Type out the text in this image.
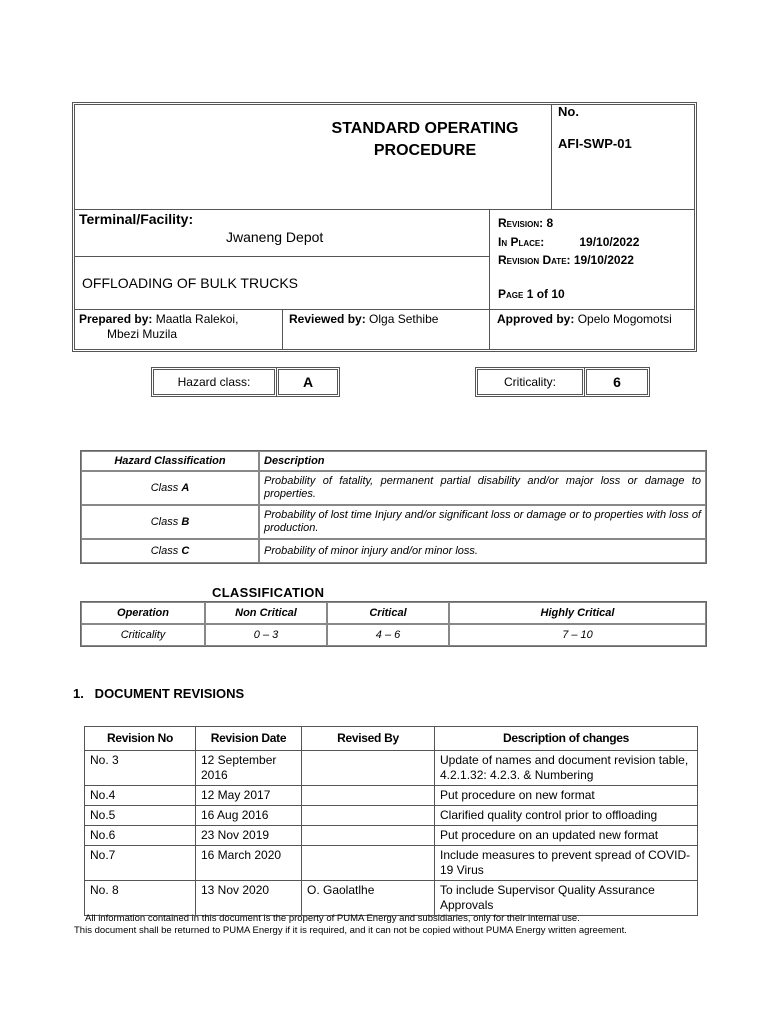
STANDARD OPERATING
PROCEDURE
No.
AFI-SWP-01
Terminal/Facility:
Jwaneng Depot
OFFLOADING OF BULK TRUCKS
Revision: 8
In Place:	19/10/2022
Revision Date: 19/10/2022
Page 1 of 10
Prepared by: Maatla Ralekoi,
Mbezi Muzila
Reviewed by: Olga Sethibe	Approved by: Opelo Mogomotsi
Hazard class:	A	Criticality:	6
Hazard Classification	Description
Class A	Probability of fatality, permanent partial disability and/or major loss or damage to properties.
Class B	Probability of lost time Injury and/or significant loss or damage or to properties with loss of production.
Class C	Probability of minor injury and/or minor loss.
CLASSIFICATION
Operation	Non Critical	Critical	Highly Critical
Criticality	0 – 3	4 – 6	7 – 10
1.   DOCUMENT REVISIONS
Revision No	Revision Date	Revised By	Description of changes
No. 3	12 September 2016		Update of names and document revision table, 4.2.1.32: 4.2.3. & Numbering
No.4	12 May 2017		Put procedure on new format
No.5	16 Aug 2016		Clarified quality control prior to offloading
No.6	23 Nov 2019		Put procedure on an updated new format
No.7	16 March 2020		Include measures to prevent spread of COVID-19 Virus
No. 8	13 Nov 2020	O. Gaolatlhe	To include Supervisor Quality Assurance Approvals
All information contained in this document is the property of PUMA Energy and subsidiaries, only for their internal use.
This document shall be returned to PUMA Energy if it is required, and it can not be copied without PUMA Energy written agreement.
